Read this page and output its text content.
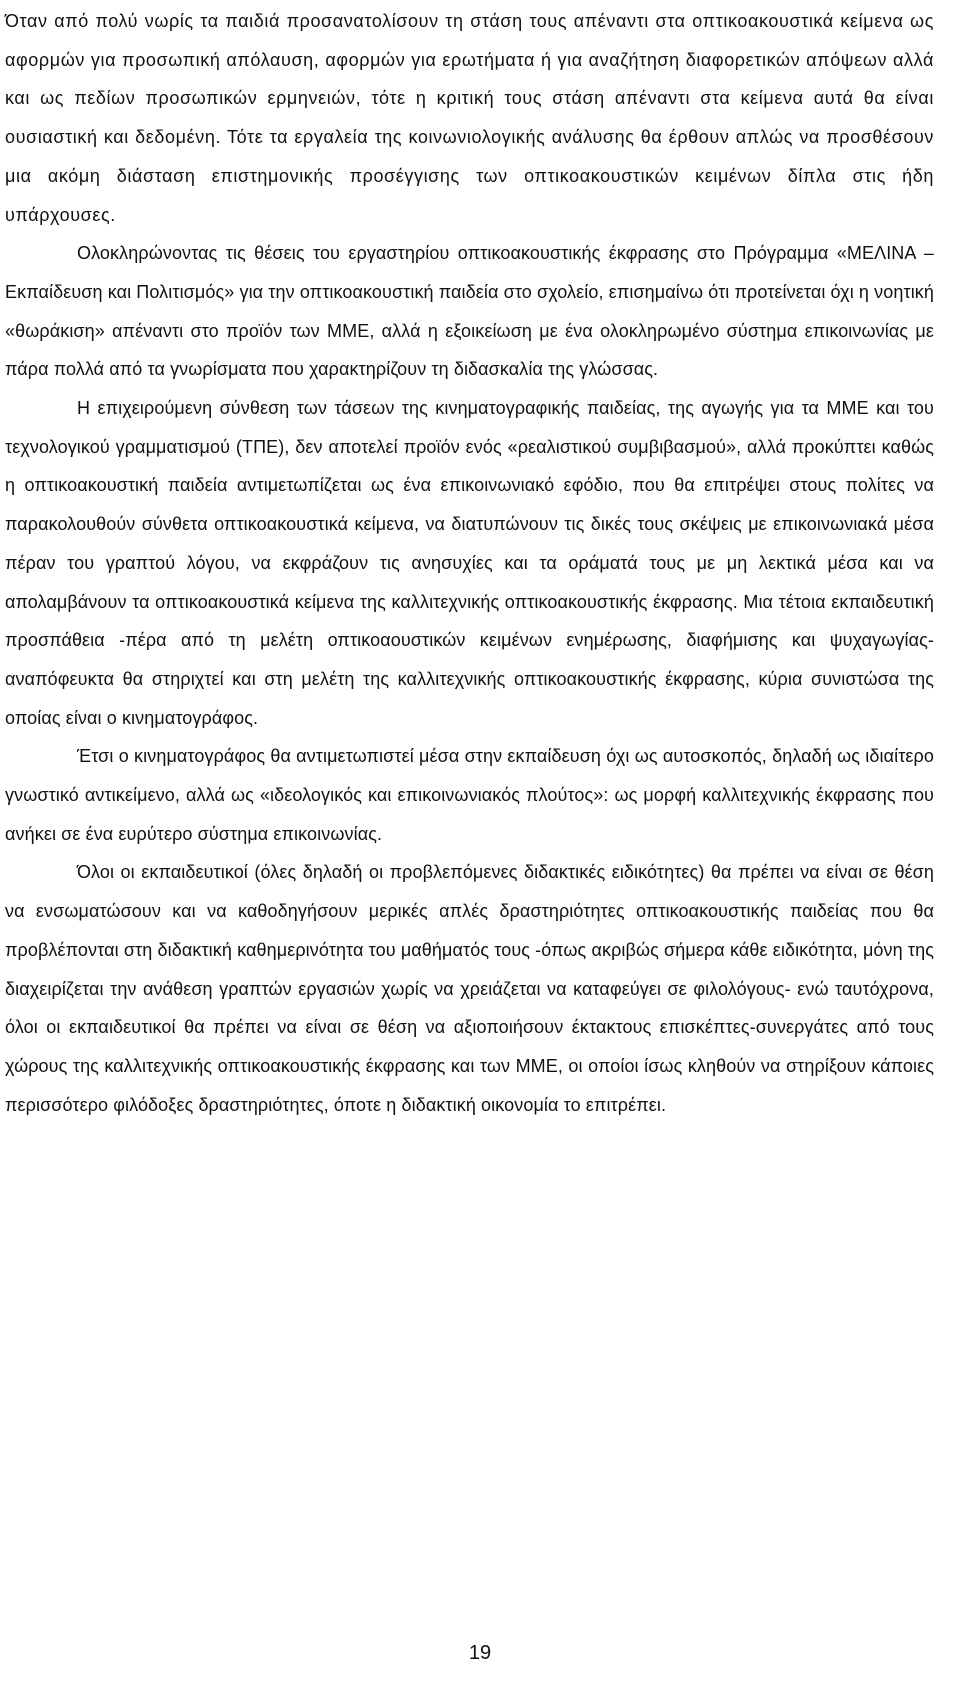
Όταν από πολύ νωρίς τα παιδιά προσανατολίσουν τη στάση τους απέναντι στα οπτικοακουστικά κείμενα ως αφορμών για προσωπική απόλαυση, αφορμών για ερωτήματα ή για αναζήτηση διαφορετικών απόψεων αλλά και ως πεδίων προσωπικών ερμηνειών, τότε η κριτική τους στάση απέναντι στα κείμενα αυτά θα είναι ουσιαστική και δεδομένη. Τότε τα εργαλεία της κοινωνιολογικής ανάλυσης θα έρθουν απλώς να προσθέσουν μια ακόμη διάσταση επιστημονικής προσέγγισης των οπτικοακουστικών κειμένων δίπλα στις ήδη υπάρχουσες.

Ολοκληρώνοντας τις θέσεις του εργαστηρίου οπτικοακουστικής έκφρασης στο Πρόγραμμα «ΜΕΛΙΝΑ – Εκπαίδευση και Πολιτισμός» για την οπτικοακουστική παιδεία στο σχολείο, επισημαίνω ότι προτείνεται όχι η νοητική «θωράκιση» απέναντι στο προϊόν των ΜΜΕ, αλλά η εξοικείωση με ένα ολοκληρωμένο σύστημα επικοινωνίας με πάρα πολλά από τα γνωρίσματα που χαρακτηρίζουν τη διδασκαλία της γλώσσας.

Η επιχειρούμενη σύνθεση των τάσεων της κινηματογραφικής παιδείας, της αγωγής για τα ΜΜΕ και του τεχνολογικού γραμματισμού (ΤΠΕ), δεν αποτελεί προϊόν ενός «ρεαλιστικού συμβιβασμού», αλλά προκύπτει καθώς η οπτικοακουστική παιδεία αντιμετωπίζεται ως ένα επικοινωνιακό εφόδιο, που θα επιτρέψει στους πολίτες να παρακολουθούν σύνθετα οπτικοακουστικά κείμενα, να διατυπώνουν τις δικές τους σκέψεις με επικοινωνιακά μέσα πέραν του γραπτού λόγου, να εκφράζουν τις ανησυχίες και τα οράματά τους με μη λεκτικά μέσα και να απολαμβάνουν τα οπτικοακουστικά κείμενα της καλλιτεχνικής οπτικοακουστικής έκφρασης. Μια τέτοια εκπαιδευτική προσπάθεια -πέρα από τη μελέτη οπτικοαουστικών κειμένων ενημέρωσης, διαφήμισης και ψυχαγωγίας-αναπόφευκτα θα στηριχτεί και στη μελέτη της καλλιτεχνικής οπτικοακουστικής έκφρασης, κύρια συνιστώσα της οποίας είναι ο κινηματογράφος.

Έτσι ο κινηματογράφος θα αντιμετωπιστεί μέσα στην εκπαίδευση όχι ως αυτοσκοπός, δηλαδή ως ιδιαίτερο γνωστικό αντικείμενο, αλλά ως «ιδεολογικός και επικοινωνιακός πλούτος»: ως μορφή καλλιτεχνικής έκφρασης που ανήκει σε ένα ευρύτερο σύστημα επικοινωνίας.

Όλοι οι εκπαιδευτικοί (όλες δηλαδή οι προβλεπόμενες διδακτικές ειδικότητες) θα πρέπει να είναι σε θέση να ενσωματώσουν και να καθοδηγήσουν μερικές απλές δραστηριότητες οπτικοακουστικής παιδείας που θα προβλέπονται στη διδακτική καθημερινότητα του μαθήματός τους -όπως ακριβώς σήμερα κάθε ειδικότητα, μόνη της διαχειρίζεται την ανάθεση γραπτών εργασιών χωρίς να χρειάζεται να καταφεύγει σε φιλολόγους- ενώ ταυτόχρονα, όλοι οι εκπαιδευτικοί θα πρέπει να είναι σε θέση να αξιοποιήσουν έκτακτους επισκέπτες-συνεργάτες από τους χώρους της καλλιτεχνικής οπτικοακουστικής έκφρασης και των ΜΜΕ, οι οποίοι ίσως κληθούν να στηρίξουν κάποιες περισσότερο φιλόδοξες δραστηριότητες, όποτε η διδακτική οικονομία το επιτρέπει.

19
